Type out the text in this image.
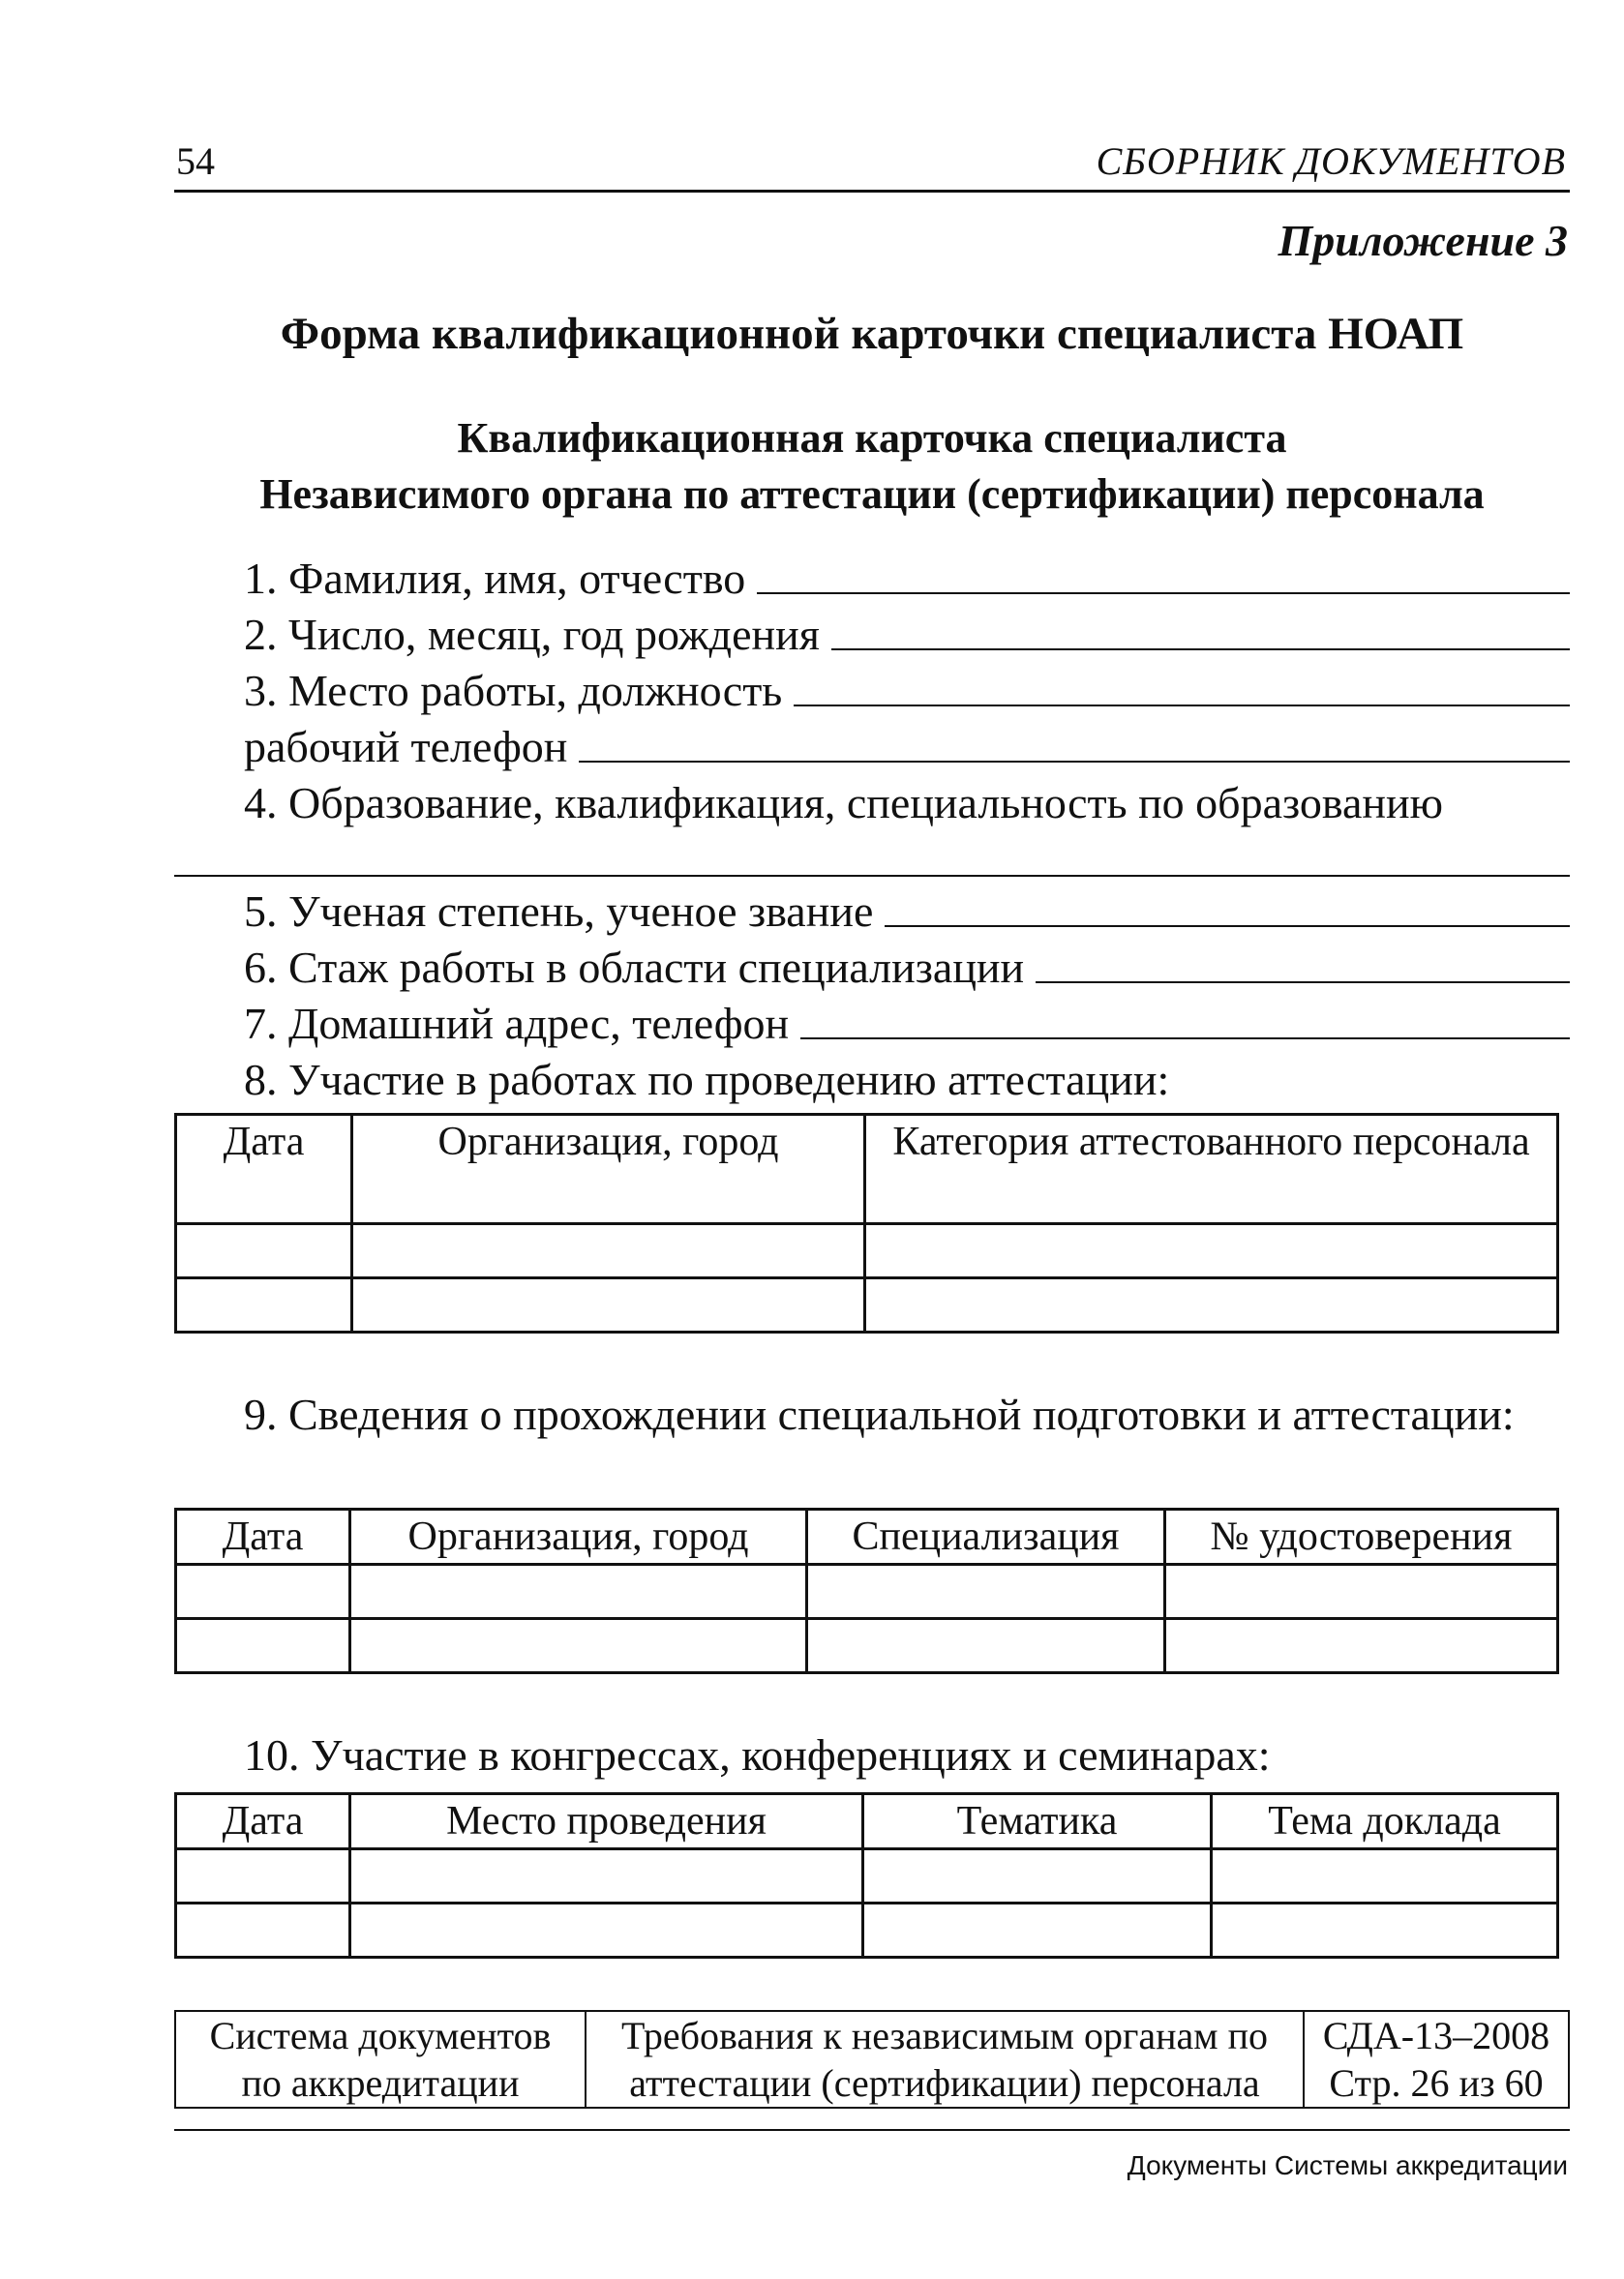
54	СБОРНИК ДОКУМЕНТОВ
Приложение 3
Форма квалификационной карточки специалиста НОАП
Квалификационная карточка специалиста
Независимого органа по аттестации (сертификации) персонала
1. Фамилия, имя, отчество
2. Число, месяц, год рождения
3. Место работы, должность
рабочий телефон
4. Образование, квалификация, специальность по образованию
5. Ученая степень, ученое звание
6. Стаж работы в области специализации
7. Домашний адрес, телефон
8. Участие в работах по проведению аттестации:
Дата	Организация, город	Категория аттестованного персонала

9. Сведения о прохождении специальной подготовки и аттестации:
Дата	Организация, город	Специализация	№ удостоверения

10. Участие в конгрессах, конференциях и семинарах:
Дата	Место проведения	Тематика	Тема доклада

Система документов
по аккредитации

Требования к независимым органам по
аттестации (сертификации) персонала

СДА-13–2008
Стр. 26 из 60
Документы Системы аккредитации
